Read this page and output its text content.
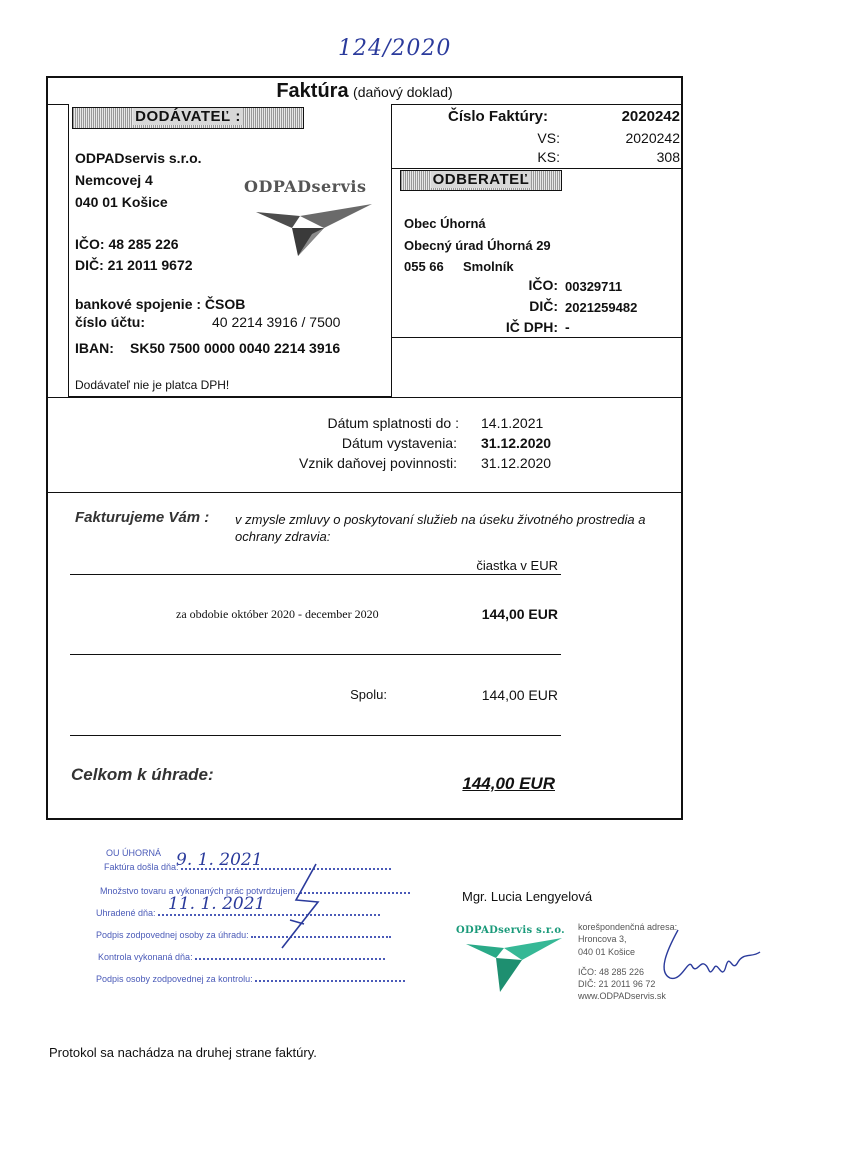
124/2020
Faktúra (daňový doklad)
DODÁVATEĽ :
ODPADservis s.r.o.
Nemcovej 4
040 01 Košice
ODPADservis
IČO: 48 285 226
DIČ: 21 2011 9672
bankové spojenie : ČSOB
číslo účtu:	40 2214 3916 / 7500
IBAN: SK50 7500 0000 0040 2214 3916
Dodávateľ nie je platca DPH!
Číslo Faktúry:	2020242
VS:	2020242
KS:	308
ODBERATEĽ
Obec Úhorná
Obecný úrad Úhorná 29
055 66 Smolník
IČO: 00329711
DIČ: 2021259482
IČ DPH: -
Dátum splatnosti do : 14.1.2021
Dátum vystavenia: 31.12.2020
Vznik daňovej povinnosti: 31.12.2020
Fakturujeme Vám : v zmysle zmluvy o poskytovaní služieb na úseku životného prostredia a
ochrany zdravia:
čiastka v EUR
za obdobie október 2020 - december 2020	144,00 EUR
Spolu:	144,00 EUR
Celkom k úhrade:	144,00 EUR
OU ÚHORNÁ
Faktúra došla dňa:
9. 1. 2021
Množstvo tovaru a vykonaných prác potvrdzujem.
Uhradené dňa: 11. 1. 2021
Podpis zodpovednej osoby za úhradu:
Kontrola vykonaná dňa:
Podpis osoby zodpovednej za kontrolu:
Mgr. Lucia Lengyelová
ODPADservis s.r.o. korešpondenčná adresa:
Hroncova 3,
040 01 Košice
IČO: 48 285 226
DIČ: 21 2011 96 72
www.ODPADservis.sk
Protokol sa nachádza na druhej strane faktúry.
